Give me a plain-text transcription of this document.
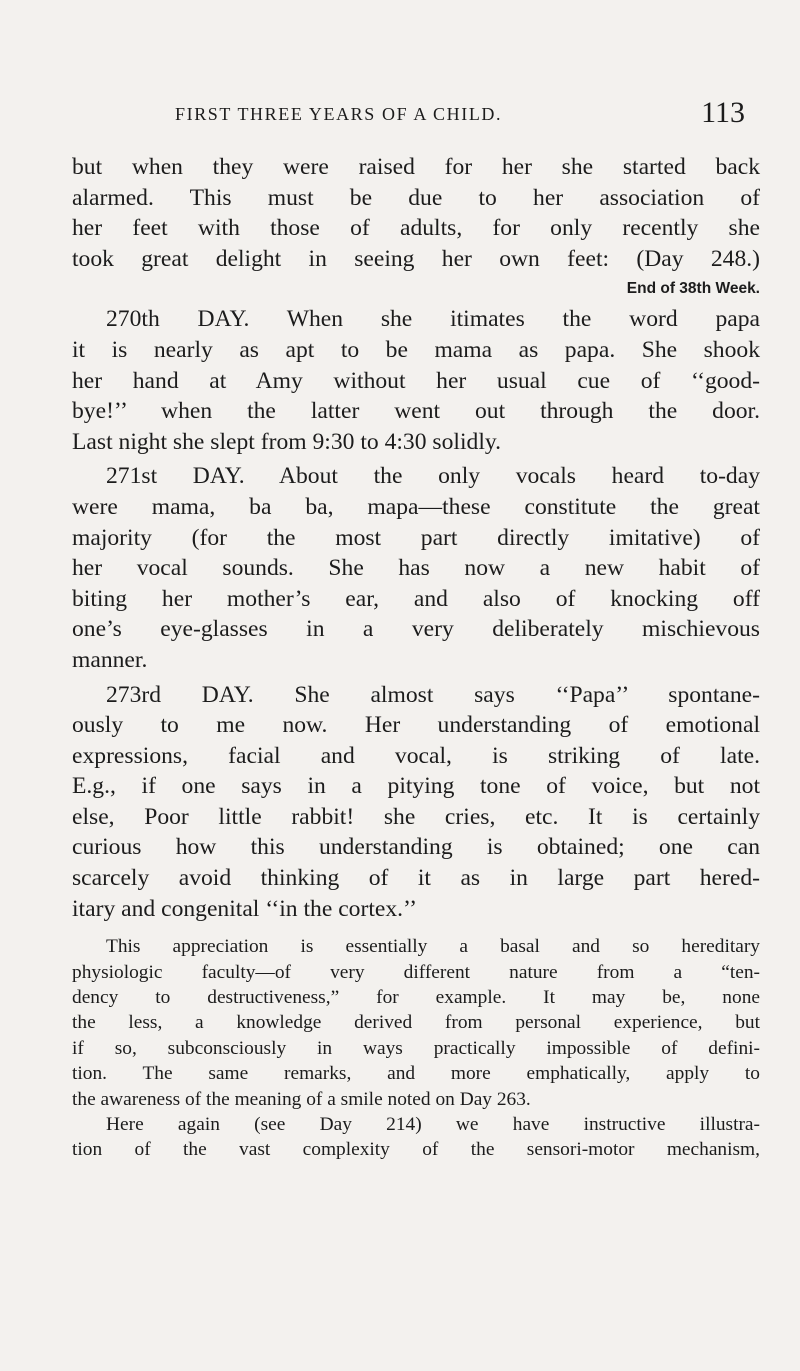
FIRST THREE YEARS OF A CHILD.	113
but when they were raised for her she started back
alarmed. This must be due to her association of
her feet with those of adults, for only recently she
took great delight in seeing her own feet: (Day 248.)
End of 38th Week.
270th DAY. When she itimates the word papa
it is nearly as apt to be mama as papa. She shook
her hand at Amy without her usual cue of ‘‘good-
bye!’’ when the latter went out through the door.
Last night she slept from 9:30 to 4:30 solidly.
271st DAY. About the only vocals heard to-day
were mama, ba ba, mapa—these constitute the great
majority (for the most part directly imitative) of
her vocal sounds. She has now a new habit of
biting her mother’s ear, and also of knocking off
one’s eye-glasses in a very deliberately mischievous
manner.
273rd DAY. She almost says ‘‘Papa’’ spontane-
ously to me now. Her understanding of emotional
expressions, facial and vocal, is striking of late.
E.g., if one says in a pitying tone of voice, but not
else, Poor little rabbit! she cries, etc. It is certainly
curious how this understanding is obtained; one can
scarcely avoid thinking of it as in large part hered-
itary and congenital ‘‘in the cortex.’’
This appreciation is essentially a basal and so hereditary
physiologic faculty—of very different nature from a “ten-
dency to destructiveness,” for example. It may be, none
the less, a knowledge derived from personal experience, but
if so, subconsciously in ways practically impossible of defini-
tion. The same remarks, and more emphatically, apply to
the awareness of the meaning of a smile noted on Day 263.
Here again (see Day 214) we have instructive illustra-
tion of the vast complexity of the sensori-motor mechanism,
